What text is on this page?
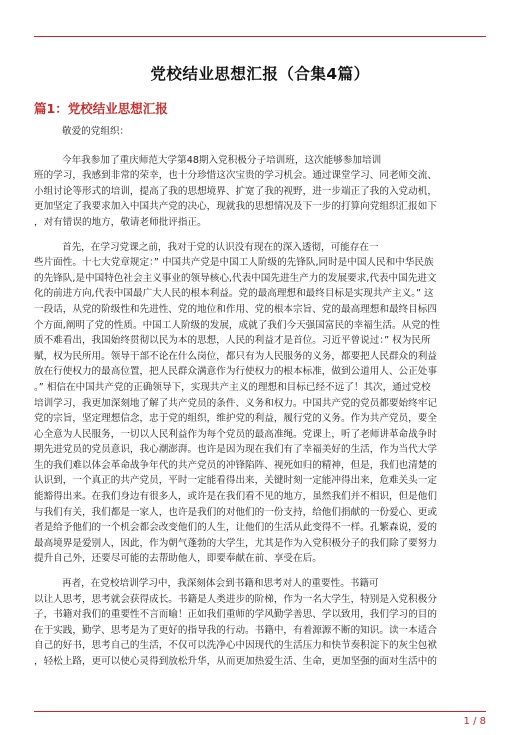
党校结业思想汇报（合集4篇）
篇1：党校结业思想汇报

敬爱的党组织：

今年我参加了重庆师范大学第48期入党积极分子培训班，这次能够参加培训
班的学习，我感到非常的荣幸，也十分珍惜这次宝贵的学习机会。通过课堂学习、同老师交流、
小组讨论等形式的培训，提高了我的思想境界、扩宽了我的视野，进一步端正了我的入党动机，
更加坚定了我要求加入中国共产党的决心，现就我的思想情况及下一步的打算向党组织汇报如下
，对有错误的地方，敬请老师批评指正。

首先，在学习党课之前，我对于党的认识没有现在的深入透彻，可能存在一
些片面性。十七大党章规定：” 中国共产党是中国工人阶级的先锋队,同时是中国人民和中华民族
的先锋队,是中国特色社会主义事业的领导核心,代表中国先进生产力的发展要求,代表中国先进文
化的前进方向,代表中国最广大人民的根本利益。党的最高理想和最终目标是实现共产主义。” 这
一段话，从党的阶级性和先进性、党的地位和作用、党的根本宗旨、党的最高理想和最终目标四
个方面,阐明了党的性质。中国工人阶级的发展，成就了我们今天强国富民的幸福生活。从党的性
质不难看出，我国始终贯彻以民为本的思想，人民的利益才是首位。习近平曾说过：” 权为民所
赋，权为民所用。领导干部不论在什么岗位，都只有为人民服务的义务，都要把人民群众的利益
放在行使权力的最高位置，把人民群众满意作为行使权力的根本标准，做到公道用人、公正处事
。” 相信在中国共产党的正确领导下，实现共产主义的理想和目标已经不远了！其次，通过党校
培训学习，我更加深刻地了解了共产党员的条件、义务和权力。中国共产党的党员都要始终牢记
党的宗旨，坚定理想信念，忠于党的组织，维护党的利益，履行党的义务。作为共产党员，要全
心全意为人民服务，一切以人民利益作为每个党员的最高准绳。党课上，听了老师讲革命战争时
期先进党员的党员意识，我心潮澎湃。也许是因为现在我们有了幸福美好的生活，作为当代大学
生的我们难以体会革命战争年代的共产党员的冲锋陷阵、视死如归的精神，但是，我们也清楚的
认识到，一个真正的共产党员，平时一定能看得出来，关键时刻一定能冲得出来，危难关头一定
能豁得出来。在我们身边有很多人，或许是在我们看不见的地方，虽然我们并不相识，但是他们
与我们有关，我们都是一家人，也许是我们的对他们的一份支持，给他们捐献的一份爱心、更或
者是给予他们的一个机会都会改变他们的人生，让他们的生活从此变得不一样。孔繁森说，爱的
最高境界是爱别人，因此，作为朝气蓬勃的大学生，尤其是作为入党积极分子的我们除了要努力
提升自己外，还要尽可能的去帮助他人，即要奉献在前、享受在后。

再者，在党校培训学习中，我深刻体会到书籍和思考对人的重要性。书籍可
以让人思考，思考就会获得成长。书籍是人类进步的阶梯，作为一名大学生，特别是入党积极分
子，书籍对我们的重要性不言而喻！正如我们重师的学风勤学善思、学以致用，我们学习的目的
在于实践，勤学、思考是为了更好的指导我的行动。书籍中，有着源源不断的知识。读一本适合
自己的好书，思考自己的生活，不仅可以洗净心中因现代的生活压力和快节奏积淀下的灰尘包袱
，轻松上路，更可以使心灵得到放松升华，从而更加热爱生活、生命，更加坚强的面对生活中的

1 / 8
